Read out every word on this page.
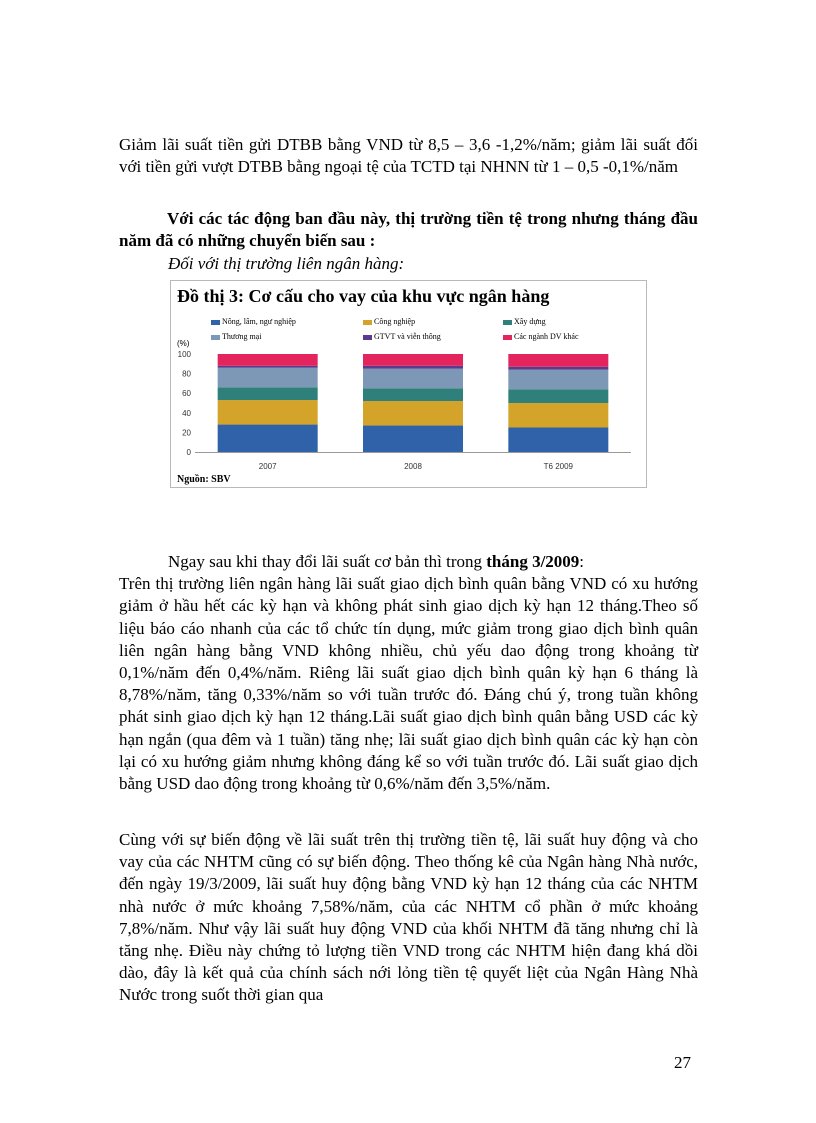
Giảm lãi suất tiền gửi DTBB bằng VND từ 8,5 – 3,6 -1,2%/năm; giảm lãi suất đối với tiền gửi vượt DTBB bằng ngoại tệ của TCTD tại NHNN từ 1 – 0,5 -0,1%/năm

Với các tác động ban đầu này, thị trường tiền tệ trong nhưng tháng đầu năm đã có những chuyển biến sau :

Đối với thị trường liên ngân hàng:

Đồ thị 3: Cơ cấu cho vay của khu vực ngân hàng
Nông, lâm, ngư nghiệp	Công nghiệp	Xây dựng
Thương mại	GTVT và viễn thông	Các ngành DV khác
(%)
0
20
40
60
80
100
2007	2008	T6 2009
Nguồn: SBV
Ngay sau khi thay đổi lãi suất cơ bản thì trong tháng 3/2009:
Trên thị trường liên ngân hàng lãi suất giao dịch bình quân bằng VND có xu hướng giảm ở hầu hết các kỳ hạn và không phát sinh giao dịch kỳ hạn 12 tháng.Theo số liệu báo cáo nhanh của các tổ chức tín dụng, mức giảm trong giao dịch bình quân liên ngân hàng bằng VND không nhiều, chủ yếu dao động trong khoảng từ 0,1%/năm đến 0,4%/năm. Riêng lãi suất giao dịch bình quân kỳ hạn 6 tháng là 8,78%/năm, tăng 0,33%/năm so với tuần trước đó. Đáng chú ý, trong tuần không phát sinh giao dịch kỳ hạn 12 tháng.Lãi suất giao dịch bình quân bằng USD các kỳ hạn ngắn (qua đêm và 1 tuần) tăng nhẹ; lãi suất giao dịch bình quân các kỳ hạn còn lại có xu hướng giảm nhưng không đáng kể so với tuần trước đó. Lãi suất giao dịch bằng USD dao động trong khoảng từ 0,6%/năm đến 3,5%/năm.

Cùng với sự biến động về lãi suất trên thị trường tiền tệ, lãi suất huy động và cho vay của các NHTM cũng có sự biến động. Theo thống kê của Ngân hàng Nhà nước, đến ngày 19/3/2009, lãi suất huy động bằng VND kỳ hạn 12 tháng của các NHTM nhà nước ở mức khoảng 7,58%/năm, của các NHTM cổ phần ở mức khoảng 7,8%/năm. Như vậy lãi suất huy động VND của khối NHTM đã tăng nhưng chỉ là tăng nhẹ. Điều này chứng tỏ lượng tiền VND trong các NHTM hiện đang khá dồi dào, đây là kết quả của chính sách nới lỏng tiền tệ quyết liệt của Ngân Hàng Nhà Nước trong suốt thời gian qua

27
